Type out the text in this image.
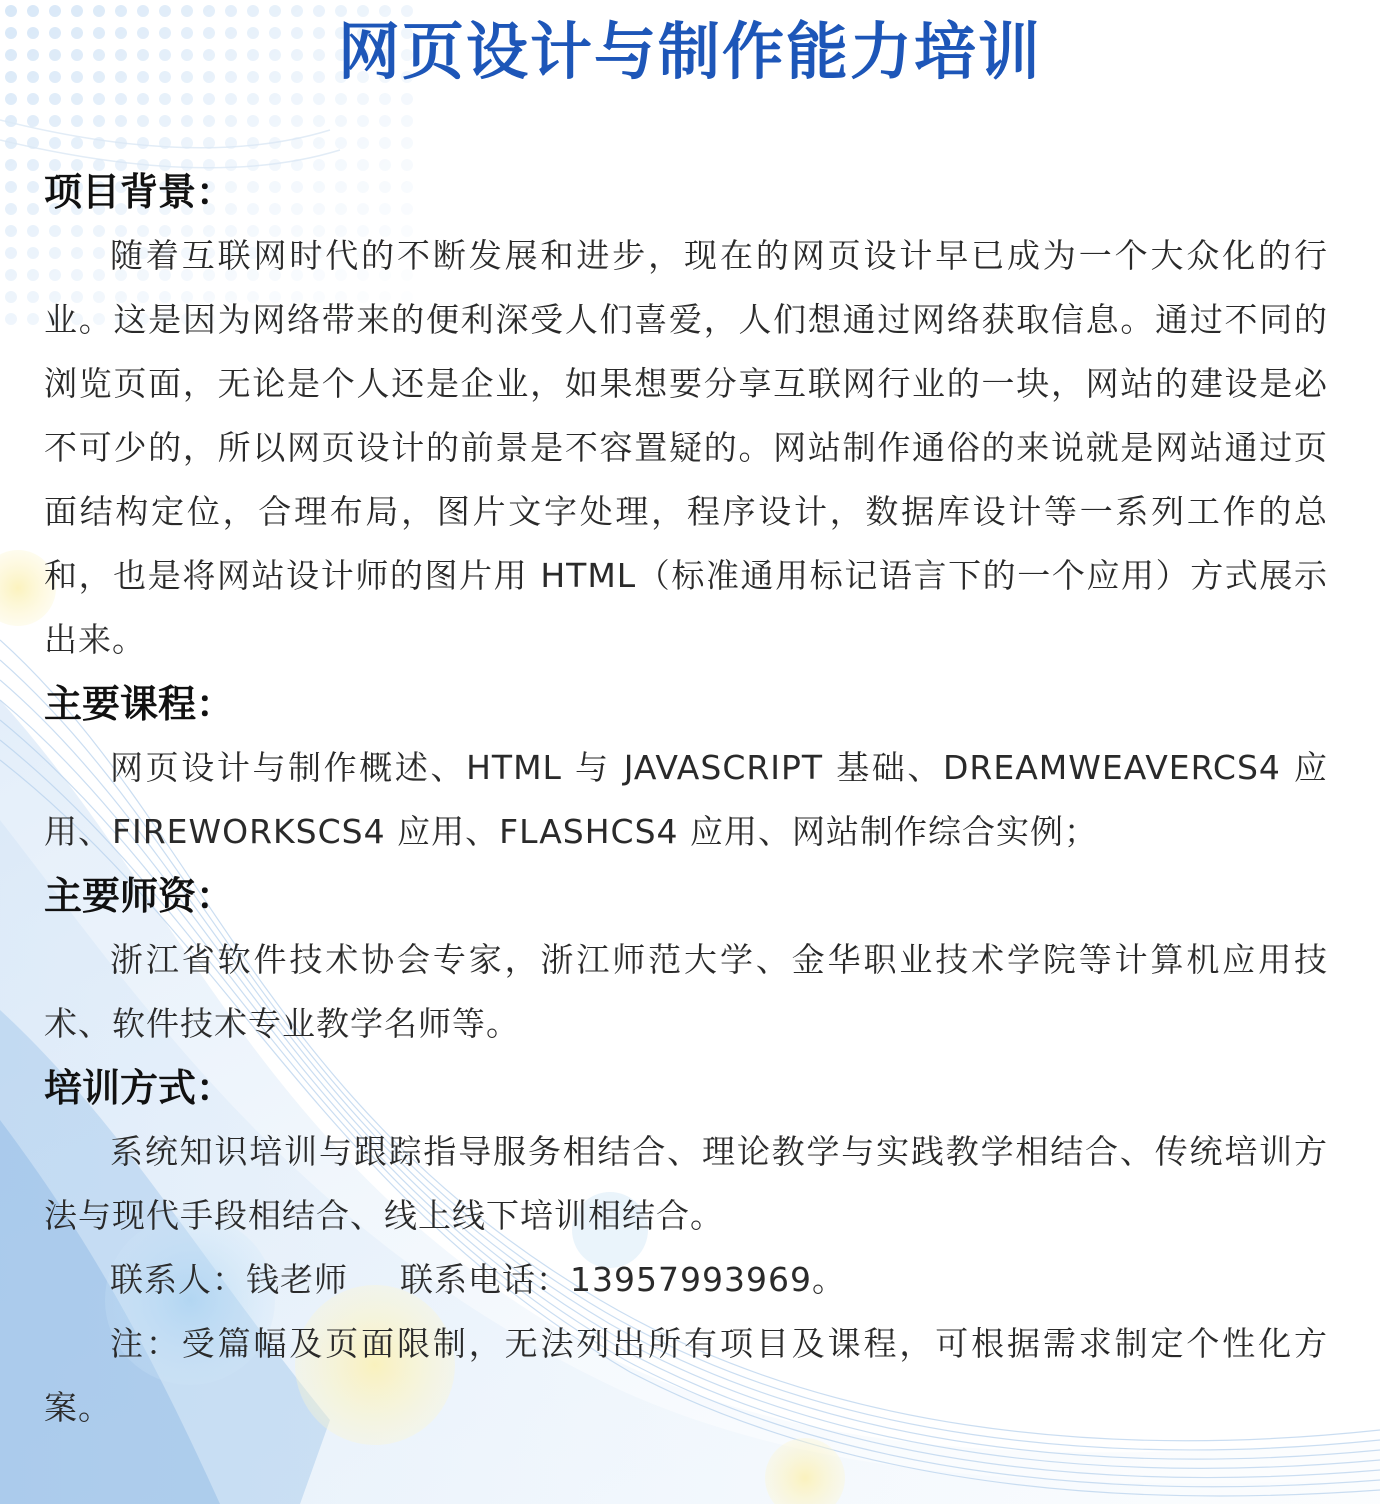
网页设计与制作能力培训
项目背景：

随着互联网时代的不断发展和进步，现在的网页设计早已成为一个大众化的行业。这是因为网络带来的便利深受人们喜爱，人们想通过网络获取信息。通过不同的浏览页面，无论是个人还是企业，如果想要分享互联网行业的一块，网站的建设是必不可少的，所以网页设计的前景是不容置疑的。网站制作通俗的来说就是网站通过页面结构定位，合理布局，图片文字处理，程序设计，数据库设计等一系列工作的总和，也是将网站设计师的图片用 HTML（标准通用标记语言下的一个应用）方式展示出来。

主要课程：

网页设计与制作概述、HTML 与 JAVASCRIPT 基础、DREAMWEAVERCS4 应用、FIREWORKSCS4 应用、FLASHCS4 应用、网站制作综合实例；

主要师资：

浙江省软件技术协会专家，浙江师范大学、金华职业技术学院等计算机应用技术、软件技术专业教学名师等。

培训方式：

系统知识培训与跟踪指导服务相结合、理论教学与实践教学相结合、传统培训方法与现代手段相结合、线上线下培训相结合。

联系人：钱老师 联系电话：13957993969。

注：受篇幅及页面限制，无法列出所有项目及课程，可根据需求制定个性化方案。
